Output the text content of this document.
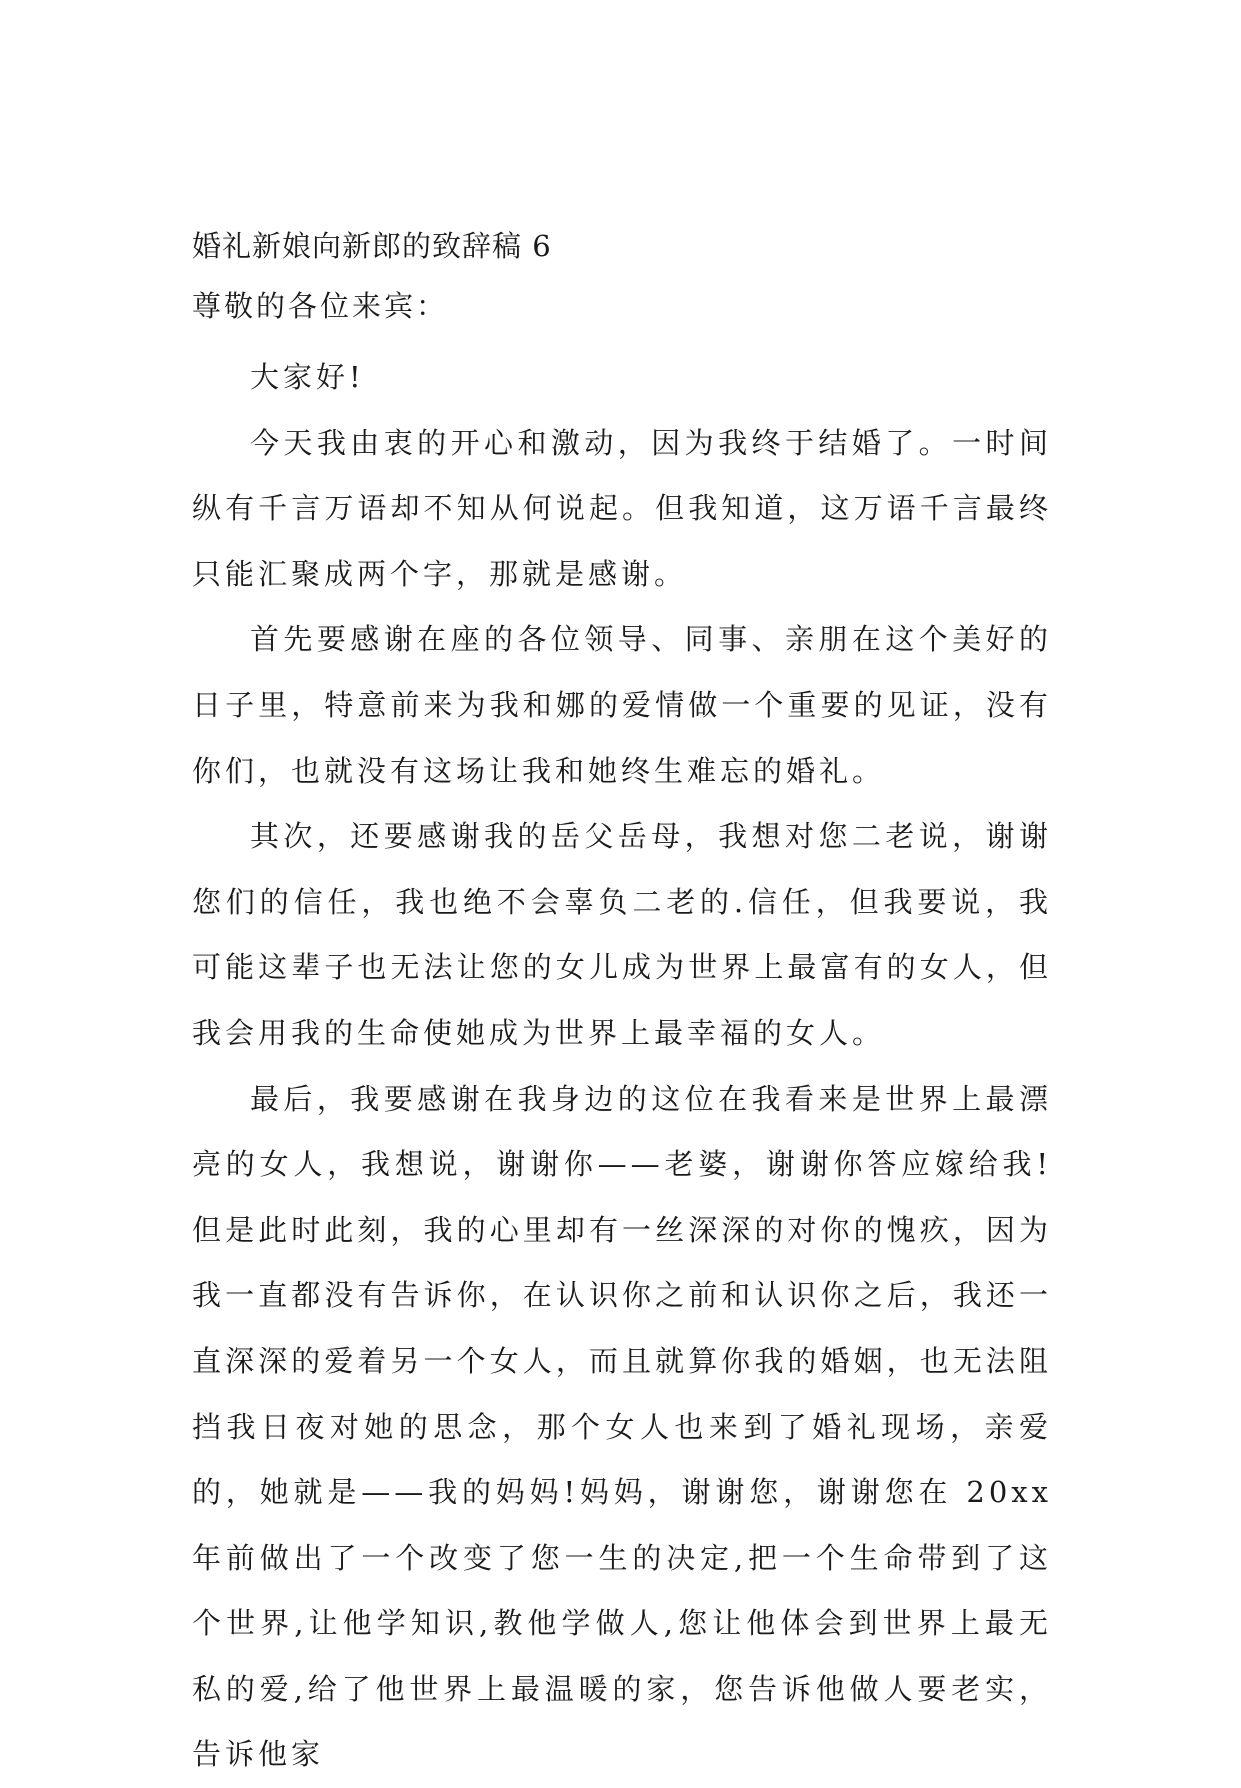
婚礼新娘向新郎的致辞稿 6
尊敬的各位来宾：

大家好!

今天我由衷的开心和激动，因为我终于结婚了。一时间纵有千言万语却不知从何说起。但我知道，这万语千言最终只能汇聚成两个字，那就是感谢。

首先要感谢在座的各位领导、同事、亲朋在这个美好的日子里，特意前来为我和娜的爱情做一个重要的见证，没有你们，也就没有这场让我和她终生难忘的婚礼。

其次，还要感谢我的岳父岳母，我想对您二老说，谢谢您们的信任，我也绝不会辜负二老的.信任，但我要说，我可能这辈子也无法让您的女儿成为世界上最富有的女人，但我会用我的生命使她成为世界上最幸福的女人。

最后，我要感谢在我身边的这位在我看来是世界上最漂亮的女人，我想说，谢谢你——老婆，谢谢你答应嫁给我!但是此时此刻，我的心里却有一丝深深的对你的愧疚，因为我一直都没有告诉你，在认识你之前和认识你之后，我还一直深深的爱着另一个女人，而且就算你我的婚姻，也无法阻挡我日夜对她的思念，那个女人也来到了婚礼现场，亲爱的，她就是——我的妈妈!妈妈，谢谢您，谢谢您在 20xx 年前做出了一个改变了您一生的决定,把一个生命带到了这个世界,让他学知识,教他学做人,您让他体会到世界上最无私的爱,给了他世界上最温暖的家，您告诉他做人要老实，告诉他家
